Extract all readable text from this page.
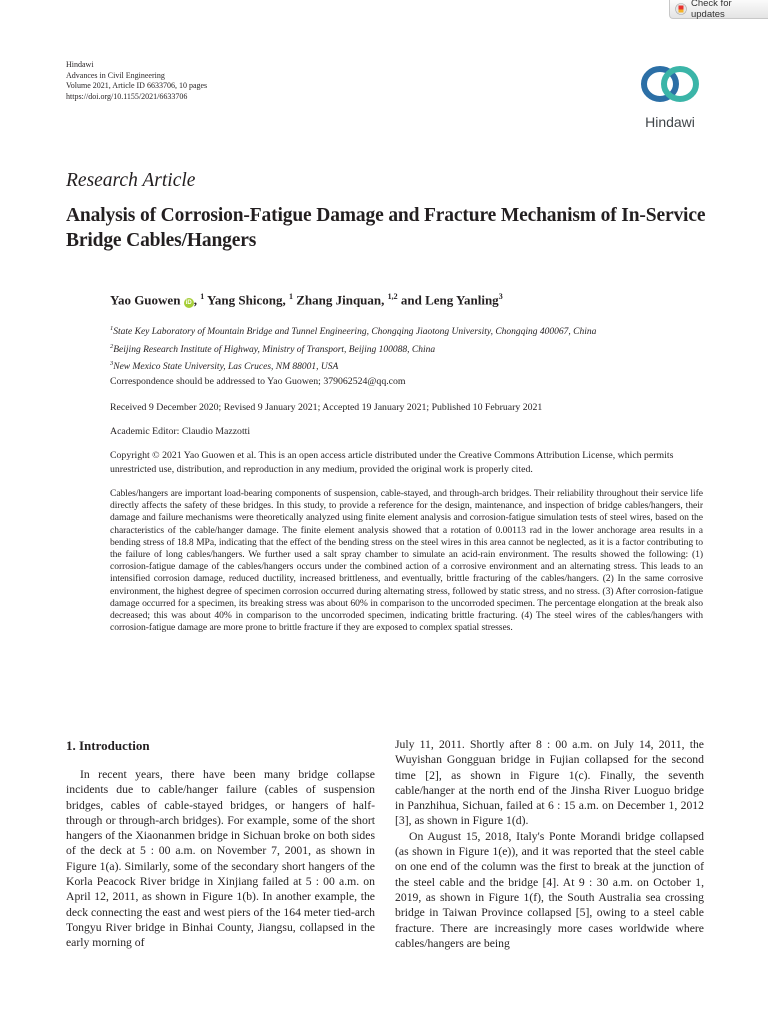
Check for updates
Hindawi
Advances in Civil Engineering
Volume 2021, Article ID 6633706, 10 pages
https://doi.org/10.1155/2021/6633706
Hindawi
Research Article
Analysis of Corrosion-Fatigue Damage and Fracture Mechanism of In-Service Bridge Cables/Hangers
Yao Guowen iD , $^1$ Yang Shicong, $^1$ Zhang Jinquan, $^{1,2}$ and Leng Yanling$^3$
$^1$State Key Laboratory of Mountain Bridge and Tunnel Engineering, Chongqing Jiaotong University, Chongqing 400067, China
$^2$Beijing Research Institute of Highway, Ministry of Transport, Beijing 100088, China
$^3$New Mexico State University, Las Cruces, NM 88001, USA
Correspondence should be addressed to Yao Guowen; 379062524@qq.com
Received 9 December 2020; Revised 9 January 2021; Accepted 19 January 2021; Published 10 February 2021
Academic Editor: Claudio Mazzotti
Copyright © 2021 Yao Guowen et al. This is an open access article distributed under the Creative Commons Attribution License, which permits unrestricted use, distribution, and reproduction in any medium, provided the original work is properly cited.

Cables/hangers are important load-bearing components of suspension, cable-stayed, and through-arch bridges. Their reliability throughout their service life directly affects the safety of these bridges. In this study, to provide a reference for the design, maintenance, and inspection of bridge cables/hangers, their damage and failure mechanisms were theoretically analyzed using finite element analysis and corrosion-fatigue simulation tests of steel wires, based on the characteristics of the cable/hanger damage. The finite element analysis showed that a rotation of 0.00113 rad in the lower anchorage area results in a bending stress of 18.8 MPa, indicating that the effect of the bending stress on the steel wires in this area cannot be neglected, as it is a factor contributing to the failure of long cables/hangers. We further used a salt spray chamber to simulate an acid-rain environment. The results showed the following: (1) corrosion-fatigue damage of the cables/hangers occurs under the combined action of a corrosive environment and an alternating stress. This leads to an intensified corrosion damage, reduced ductility, increased brittleness, and eventually, brittle fracturing of the cables/hangers. (2) In the same corrosive environment, the highest degree of specimen corrosion occurred during alternating stress, followed by static stress, and no stress. (3) After corrosion-fatigue damage occurred for a specimen, its breaking stress was about 60% in comparison to the uncorroded specimen. The percentage elongation at the break also decreased; this was about 40% in comparison to the uncorroded specimen, indicating brittle fracturing. (4) The steel wires of the cables/hangers with corrosion-fatigue damage are more prone to brittle fracture if they are exposed to complex spatial stresses.

1. Introduction

In recent years, there have been many bridge collapse incidents due to cable/hanger failure (cables of suspension bridges, cables of cable-stayed bridges, or hangers of half-through or through-arch bridges). For example, some of the short hangers of the Xiaonanmen bridge in Sichuan broke on both sides of the deck at 5 : 00 a.m. on November 7, 2001, as shown in Figure 1(a). Similarly, some of the secondary short hangers of the Korla Peacock River bridge in Xinjiang failed at 5 : 00 a.m. on April 12, 2011, as shown in Figure 1(b). In another example, the deck connecting the east and west piers of the 164 meter tied-arch Tongyu River bridge in Binhai County, Jiangsu, collapsed in the early morning of

July 11, 2011. Shortly after 8 : 00 a.m. on July 14, 2011, the Wuyishan Gongguan bridge in Fujian collapsed for the second time [2], as shown in Figure 1(c). Finally, the seventh cable/hanger at the north end of the Jinsha River Luoguo bridge in Panzhihua, Sichuan, failed at 6 : 15 a.m. on December 1, 2012 [3], as shown in Figure 1(d).

On August 15, 2018, Italy's Ponte Morandi bridge collapsed (as shown in Figure 1(e)), and it was reported that the steel cable on one end of the column was the first to break at the junction of the steel cable and the bridge [4]. At 9 : 30 a.m. on October 1, 2019, as shown in Figure 1(f), the South Australia sea crossing bridge in Taiwan Province collapsed [5], owing to a steel cable fracture. There are increasingly more cases worldwide where cables/hangers are being
